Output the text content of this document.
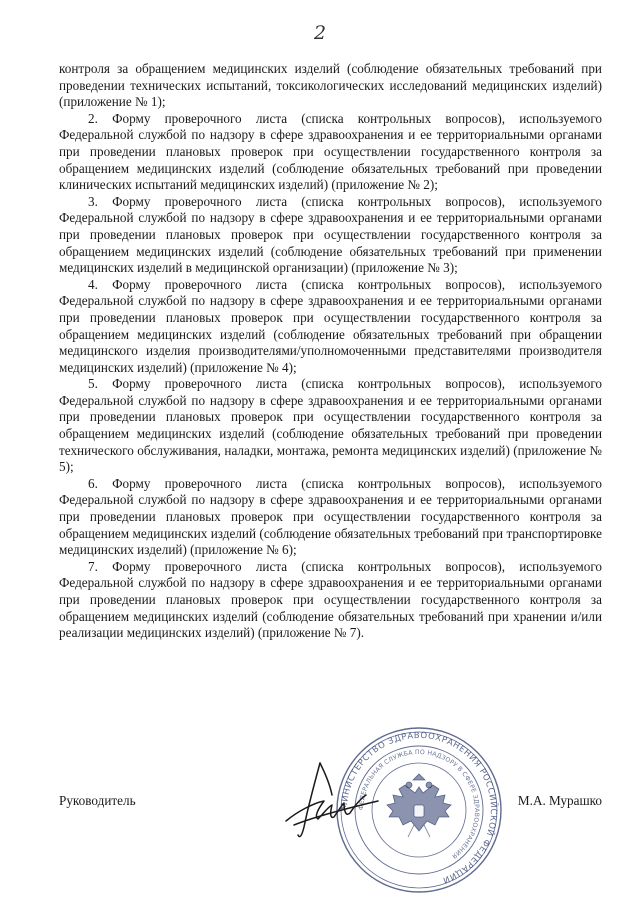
2

контроля за обращением медицинских изделий (соблюдение обязательных требований при проведении технических испытаний, токсикологических исследований медицинских изделий) (приложение № 1);

2. Форму проверочного листа (списка контрольных вопросов), используемого Федеральной службой по надзору в сфере здравоохранения и ее территориальными органами при проведении плановых проверок при осуществлении государственного контроля за обращением медицинских изделий (соблюдение обязательных требований при проведении клинических испытаний медицинских изделий) (приложение № 2);

3. Форму проверочного листа (списка контрольных вопросов), используемого Федеральной службой по надзору в сфере здравоохранения и ее территориальными органами при проведении плановых проверок при осуществлении государственного контроля за обращением медицинских изделий (соблюдение обязательных требований при применении медицинских изделий в медицинской организации) (приложение № 3);

4. Форму проверочного листа (списка контрольных вопросов), используемого Федеральной службой по надзору в сфере здравоохранения и ее территориальными органами при проведении плановых проверок при осуществлении государственного контроля за обращением медицинских изделий (соблюдение обязательных требований при обращении медицинского изделия производителями/уполномоченными представителями производителя медицинских изделий) (приложение № 4);

5. Форму проверочного листа (списка контрольных вопросов), используемого Федеральной службой по надзору в сфере здравоохранения и ее территориальными органами при проведении плановых проверок при осуществлении государственного контроля за обращением медицинских изделий (соблюдение обязательных требований при проведении технического обслуживания, наладки, монтажа, ремонта медицинских изделий) (приложение № 5);

6. Форму проверочного листа (списка контрольных вопросов), используемого Федеральной службой по надзору в сфере здравоохранения и ее территориальными органами при проведении плановых проверок при осуществлении государственного контроля за обращением медицинских изделий (соблюдение обязательных требований при транспортировке медицинских изделий) (приложение № 6);

7. Форму проверочного листа (списка контрольных вопросов), используемого Федеральной службой по надзору в сфере здравоохранения и ее территориальными органами при проведении плановых проверок при осуществлении государственного контроля за обращением медицинских изделий (соблюдение обязательных требований при хранении и/или реализации медицинских изделий) (приложение № 7).

Руководитель	МИНИСТЕРСТВО ЗДРАВООХРАНЕНИЯ РОССИЙСКОЙ ФЕДЕРАЦИИ
ФЕДЕРАЛЬНАЯ СЛУЖБА ПО НАДЗОРУ В СФЕРЕ ЗДРАВООХРАНЕНИЯ
М.А. Мурашко
